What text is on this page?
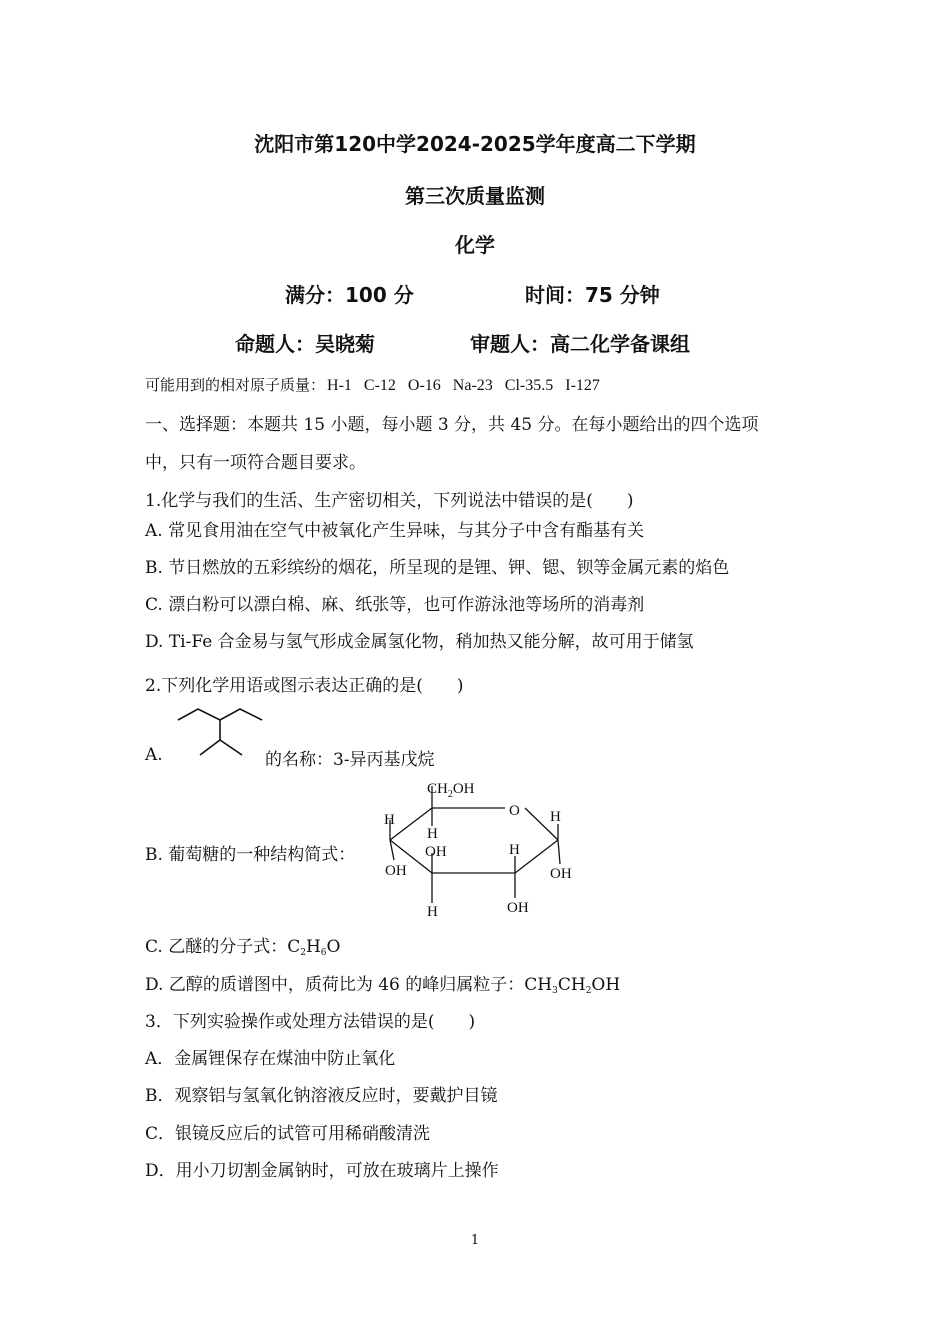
沈阳市第120中学2024-2025学年度高二下学期
第三次质量监测
化学
满分：100 分	时间：75 分钟
命题人：吴晓菊	审题人：高二化学备课组
可能用到的相对原子质量： H-1 C-12 O-16 Na-23 Cl-35.5 I-127
一、选择题：本题共 15 小题，每小题 3 分，共 45 分。在每小题给出的四个选项
中，只有一项符合题目要求。
1.化学与我们的生活、生产密切相关，下列说法中错误的是(　　)
A. 常见食用油在空气中被氧化产生异味，与其分子中含有酯基有关
B. 节日燃放的五彩缤纷的烟花，所呈现的是锂、钾、锶、钡等金属元素的焰色
C. 漂白粉可以漂白棉、麻、纸张等，也可作游泳池等场所的消毒剂
D. Ti-Fe 合金易与氢气形成金属氢化物，稍加热又能分解，故可用于储氢
2.下列化学用语或图示表达正确的是(　　)
A.	的名称：3-异丙基戊烷
B. 葡萄糖的一种结构简式：
$CH_2OH$
O H
OH
H
H
OH
OH
H
H
OH
C. 乙醚的分子式：$C_2H_6O$
D. 乙醇的质谱图中，质荷比为 46 的峰归属粒子：$CH_3CH_2OH$
3．下列实验操作或处理方法错误的是(　　)
A．金属锂保存在煤油中防止氧化
B．观察铝与氢氧化钠溶液反应时，要戴护目镜
C．银镜反应后的试管可用稀硝酸清洗
D．用小刀切割金属钠时，可放在玻璃片上操作
1
